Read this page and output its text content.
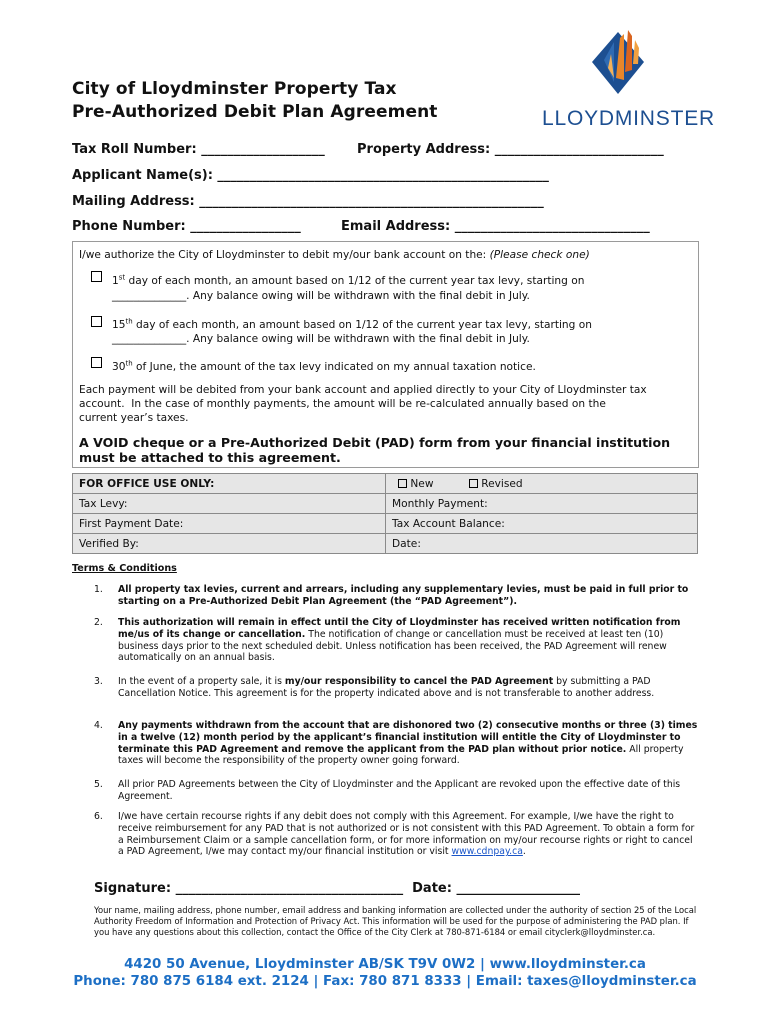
City of Lloydminster Property Tax
Pre-Authorized Debit Plan Agreement	LLOYDMINSTER
Tax Roll Number: ___________________ Property Address: __________________________
Applicant Name(s): ___________________________________________________
Mailing Address: _____________________________________________________
Phone Number: _________________	Email Address: ______________________________
I/we authorize the City of Lloydminster to debit my/our bank account on the: (Please check one)
1st day of each month, an amount based on 1/12 of the current year tax levy, starting on
______________. Any balance owing will be withdrawn with the final debit in July.
15th day of each month, an amount based on 1/12 of the current year tax levy, starting on
______________. Any balance owing will be withdrawn with the final debit in July.
30th of June, the amount of the tax levy indicated on my annual taxation notice.
Each payment will be debited from your bank account and applied directly to your City of Lloydminster tax
account.  In the case of monthly payments, the amount will be re-calculated annually based on the
current year’s taxes.
A VOID cheque or a Pre-Authorized Debit (PAD) form from your financial institution
must be attached to this agreement.
FOR OFFICE USE ONLY:	New Revised
Tax Levy:	Monthly Payment:
First Payment Date:	Tax Account Balance:
Verified By:	Date:
Terms & Conditions
1. All property tax levies, current and arrears, including any supplementary levies, must be paid in full prior to starting on a Pre-Authorized Debit Plan Agreement (the “PAD Agreement”).
2. This authorization will remain in effect until the City of Lloydminster has received written notification from me/us of its change or cancellation. The notification of change or cancellation must be received at least ten (10) business days prior to the next scheduled debit. Unless notification has been received, the PAD Agreement will renew automatically on an annual basis.
3. In the event of a property sale, it is my/our responsibility to cancel the PAD Agreement by submitting a PAD Cancellation Notice. This agreement is for the property indicated above and is not transferable to another address.
4. Any payments withdrawn from the account that are dishonored two (2) consecutive months or three (3) times in a twelve (12) month period by the applicant’s financial institution will entitle the City of Lloydminster to terminate this PAD Agreement and remove the applicant from the PAD plan without prior notice. All property taxes will become the responsibility of the property owner going forward.
5. All prior PAD Agreements between the City of Lloydminster and the Applicant are revoked upon the effective date of this Agreement.
6. I/we have certain recourse rights if any debit does not comply with this Agreement. For example, I/we have the right to receive reimbursement for any PAD that is not authorized or is not consistent with this PAD Agreement. To obtain a form for a Reimbursement Claim or a sample cancellation form, or for more information on my/our recourse rights or right to cancel a PAD Agreement, I/we may contact my/our financial institution or visit www.cdnpay.ca.
Signature: ___________________________________  Date: ___________________
Your name, mailing address, phone number, email address and banking information are collected under the authority of section 25 of the Local Authority Freedom of Information and Protection of Privacy Act. This information will be used for the purpose of administering the PAD plan. If you have any questions about this collection, contact the Office of the City Clerk at 780-871-6184 or email cityclerk@lloydminster.ca.
4420 50 Avenue, Lloydminster AB/SK T9V 0W2 | www.lloydminster.ca
Phone: 780 875 6184 ext. 2124 | Fax: 780 871 8333 | Email: taxes@lloydminster.ca
